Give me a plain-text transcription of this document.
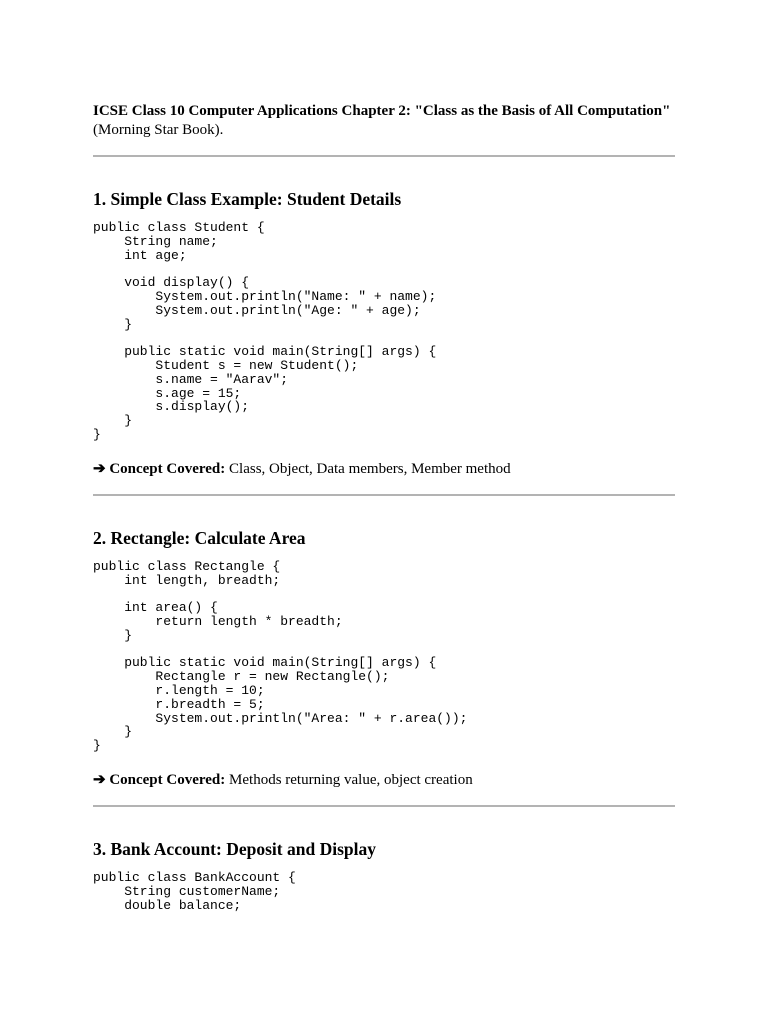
ICSE Class 10 Computer Applications Chapter 2: "Class as the Basis of All Computation" (Morning Star Book).

1. Simple Class Example: Student Details
public class Student {
String name;
int age;

void display() {
System.out.println("Name: " + name);
System.out.println("Age: " + age);
}

public static void main(String[] args) {
Student s = new Student();
s.name = "Aarav";
s.age = 15;
s.display();
}
}

➔ Concept Covered: Class, Object, Data members, Member method

2. Rectangle: Calculate Area
public class Rectangle {
int length, breadth;

int area() {
return length * breadth;
}

public static void main(String[] args) {
Rectangle r = new Rectangle();
r.length = 10;
r.breadth = 5;
System.out.println("Area: " + r.area());
}
}

➔ Concept Covered: Methods returning value, object creation

3. Bank Account: Deposit and Display
public class BankAccount {
String customerName;
double balance;
